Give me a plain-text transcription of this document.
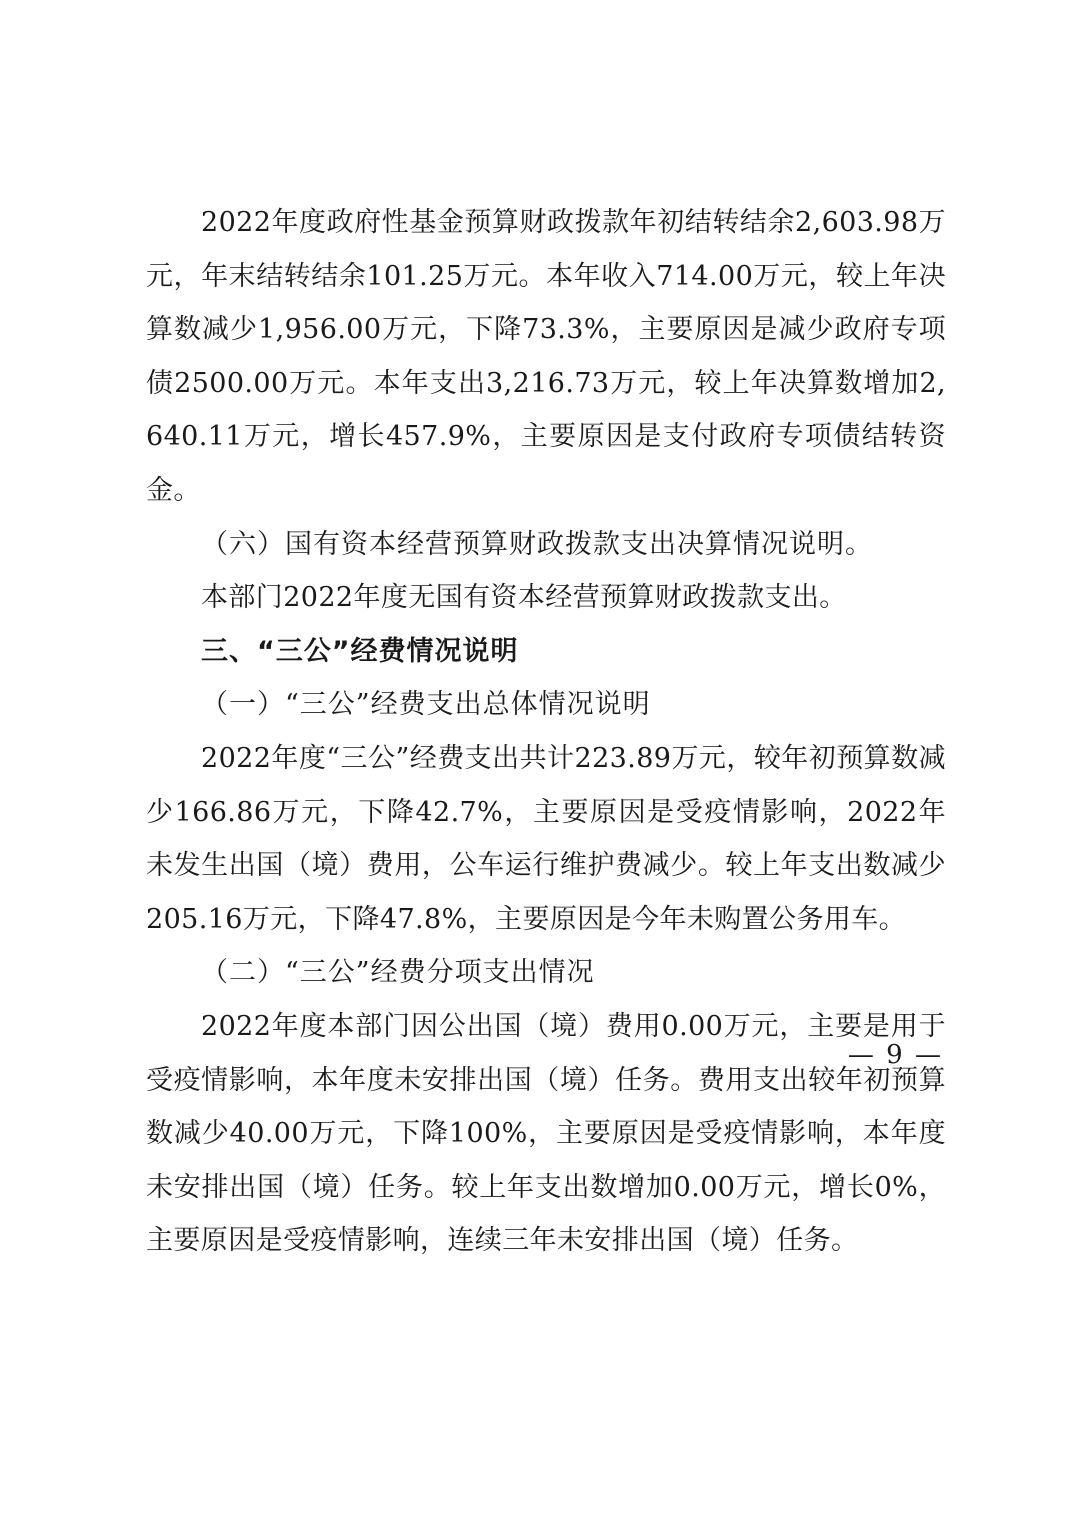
2022年度政府性基金预算财政拨款年初结转结余2,603.98万元，年末结转结余101.25万元。本年收入714.00万元，较上年决算数减少1,956.00万元，下降73.3%，主要原因是减少政府专项债2500.00万元。本年支出3,216.73万元，较上年决算数增加2,640.11万元，增长457.9%，主要原因是支付政府专项债结转资金。

（六）国有资本经营预算财政拨款支出决算情况说明。

本部门2022年度无国有资本经营预算财政拨款支出。

三、“三公”经费情况说明

（一）“三公”经费支出总体情况说明

2022年度“三公”经费支出共计223.89万元，较年初预算数减少166.86万元，下降42.7%，主要原因是受疫情影响，2022年未发生出国（境）费用，公车运行维护费减少。较上年支出数减少205.16万元，下降47.8%，主要原因是今年未购置公务用车。

（二）“三公”经费分项支出情况

2022年度本部门因公出国（境）费用0.00万元，主要是用于受疫情影响，本年度未安排出国（境）任务。费用支出较年初预算数减少40.00万元，下降100%，主要原因是受疫情影响，本年度未安排出国（境）任务。较上年支出数增加0.00万元，增长0%，主要原因是受疫情影响，连续三年未安排出国（境）任务。

— 9 —
